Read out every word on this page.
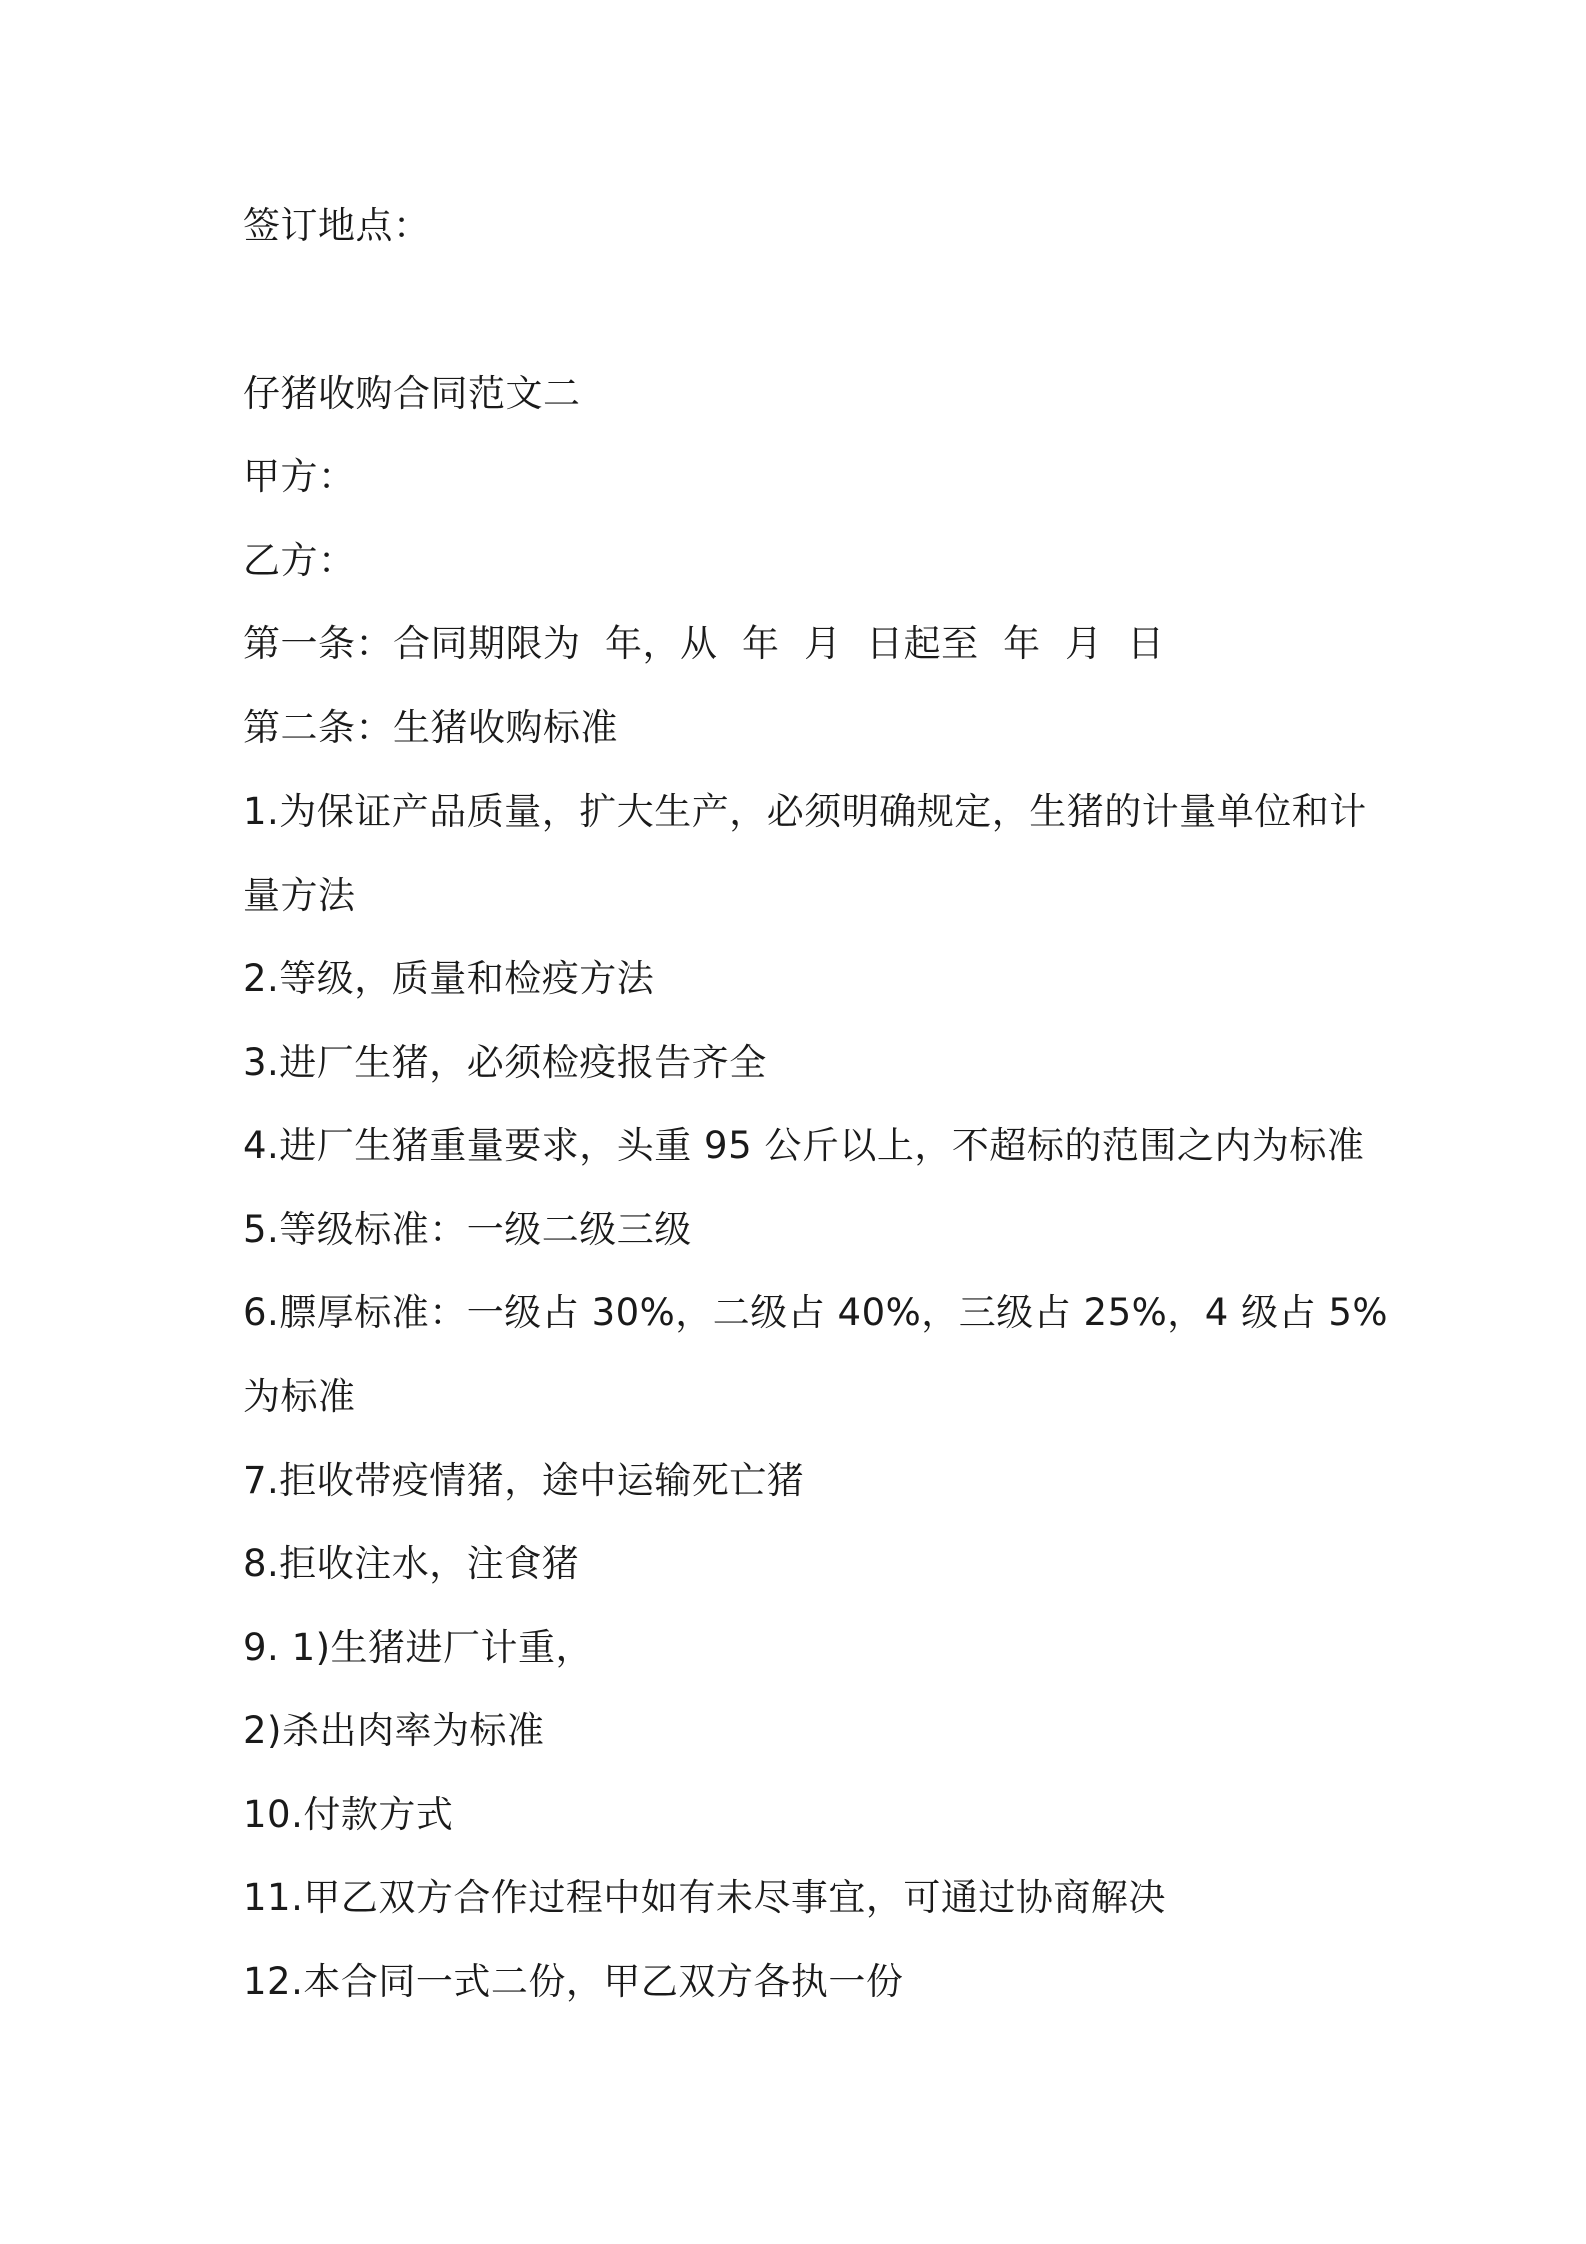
签订地点：
仔猪收购合同范文二
甲方：
乙方：
第一条：合同期限为  年，从  年  月  日起至  年  月  日
第二条：生猪收购标准
1.为保证产品质量，扩大生产，必须明确规定，生猪的计量单位和计
量方法
2.等级，质量和检疫方法
3.进厂生猪，必须检疫报告齐全
4.进厂生猪重量要求，头重 95 公斤以上，不超标的范围之内为标准
5.等级标准：一级二级三级
6.膘厚标准：一级占 30%，二级占 40%，三级占 25%，4 级占 5%
为标准
7.拒收带疫情猪，途中运输死亡猪
8.拒收注水，注食猪
9. 1)生猪进厂计重，
2)杀出肉率为标准
10.付款方式
11.甲乙双方合作过程中如有未尽事宜，可通过协商解决
12.本合同一式二份，甲乙双方各执一份
